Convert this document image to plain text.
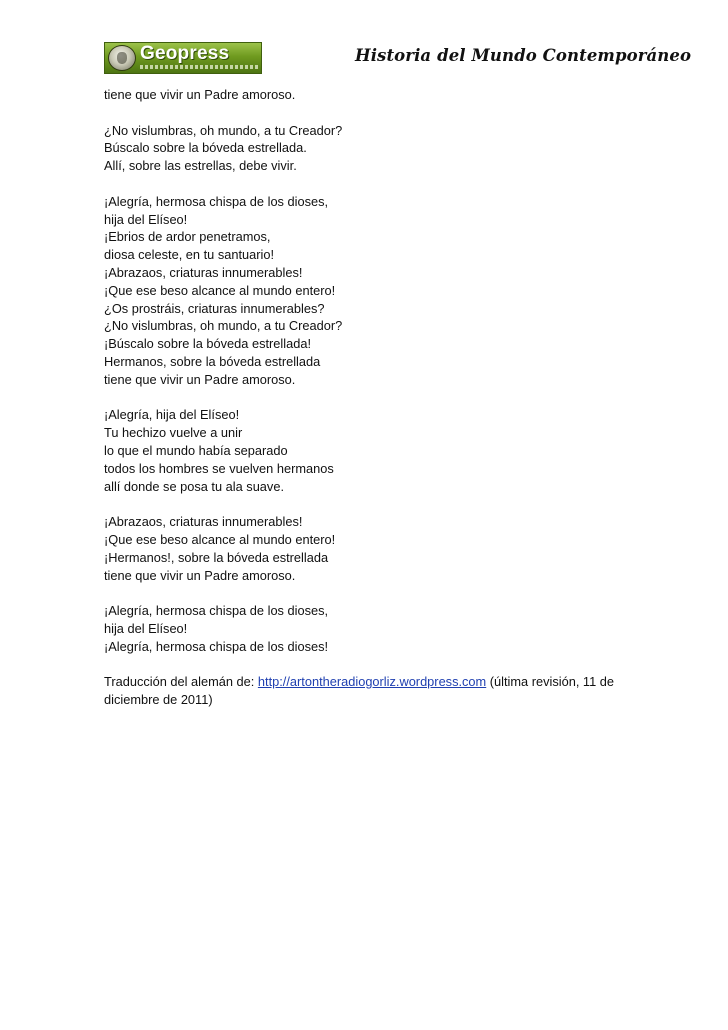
Geopress	Historia del Mundo Contemporáneo
tiene que vivir un Padre amoroso.
¿No vislumbras, oh mundo, a tu Creador?
Búscalo sobre la bóveda estrellada.
Allí, sobre las estrellas, debe vivir.
¡Alegría, hermosa chispa de los dioses,
hija del Elíseo!
¡Ebrios de ardor penetramos,
diosa celeste, en tu santuario!
¡Abrazaos, criaturas innumerables!
¡Que ese beso alcance al mundo entero!
¿Os prostráis, criaturas innumerables?
¿No vislumbras, oh mundo, a tu Creador?
¡Búscalo sobre la bóveda estrellada!
Hermanos, sobre la bóveda estrellada
tiene que vivir un Padre amoroso.
¡Alegría, hija del Elíseo!
Tu hechizo vuelve a unir
lo que el mundo había separado
todos los hombres se vuelven hermanos
allí donde se posa tu ala suave.
¡Abrazaos, criaturas innumerables!
¡Que ese beso alcance al mundo entero!
¡Hermanos!, sobre la bóveda estrellada
tiene que vivir un Padre amoroso.
¡Alegría, hermosa chispa de los dioses,
hija del Elíseo!
¡Alegría, hermosa chispa de los dioses!
Traducción del alemán de: http://artontheradiogorliz.wordpress.com (última revisión, 11 de diciembre de 2011)
